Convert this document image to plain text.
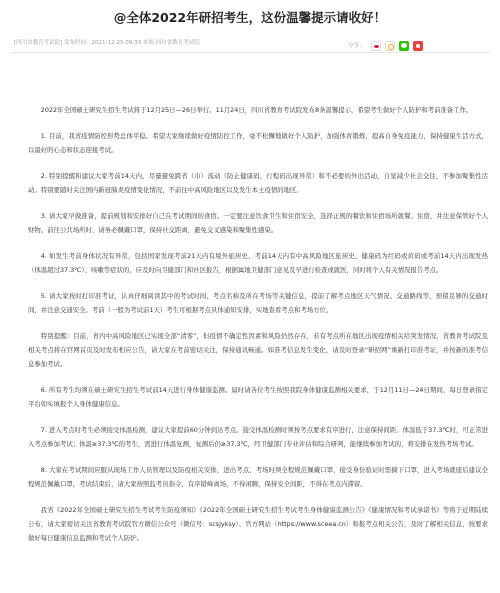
@全体2022年研招考生，这份温馨提示请收好！
[四川省教育考试院] 发布时间：2021-12-25 09:33 来源:四川省教育考试院	分享：

2022年全国硕士研究生招生考试将于12月25日—26日举行。11月24日，四川省教育考试院发布8条温馨提示，希望考生做好个人防护和考前准备工作。

1. 目前，我省疫情防控形势总体平稳。希望大家继续做好疫情防控工作，毫不松懈地做好个人防护，加强体育锻炼，提高自身免疫能力，保持健康生活方式，以最好的心态和状态迎接考试。

2. 特别提醒和建议大家考前14天内，尽量避免跨省（市）流动（防止健康码、行程码出现异常）和不必要的外出活动，自觉减少社会交往，不参加聚集性活动。特别要随时关注国内新冠肺炎疫情变化情况，不前往中高风险地区以及发生本土疫情的地区。

3. 请大家早做准备，提前规划和安排好自己在考试期间的食宿。一定要注意饮食卫生和住宿安全，选择正规的餐饮和住宿场所就餐、住宿，并注意保管好个人财物。前往公共场所时，请务必佩戴口罩，保持社交距离，避免交叉感染和聚集性感染。

4. 如发生考前身体状况有异常，包括国家发现考前21天内有境外旅居史、考前14天内有中高风险地区旅居史、健康码为红码或黄码或考前14天内出现发热（体温超过37.3℃）、咳嗽等症状的，应及时向卫健部门和社区报告，根据属地卫健部门意见及早进行检查或就医，同时将个人有关情况报告考点。

5. 请大家按时打印准考证，认真仔细阅读其中的考试时间、考点名称及所在考场等关键信息，提前了解考点地区天气情况、交通路线等，预留足够的交通时间，并注意交通安全。考前（一般为考试前1天）考生可根据考点具体通知安排，实地查看考点和考场方位。

特别提醒：目前，省内中高风险地区已实现全部“清零”，但疫情不确定性因素和风险仍然存在，若有考点所在地区出现疫情相关给突发情况，省教育考试院及相关考点将在官网首页及时发布相应公告，请大家在考前密切关注，保持通讯畅通。如准考信息发生变化，请及时登录“研招网”重新打印准考证，并按新的准考信息参加考试。

6. 所有考生均须在硕士研究生招生考试前14天进行身体健康监测。届时请各位考生按照我院身体健康监测相关要求，于12月11日—24日期间，每日登录指定平台如实填报个人身体健康信息。

7. 进入考点时考生必须接受体温检测，建议大家提前60分钟到达考点。接受体温检测时须按考点要求有序进行，注意保持间距。体温低于37.3℃时，可正常进入考点参加考试；体温≥37.3℃的考生，需进行体温复测，复测后仍≥37.3℃，经卫健部门专业评估和综合研判，能继续参加考试的，将安排在发热考场考试。

8. 大家在考试期间应服从现场工作人员管理以及防疫相关安排，进出考点、考场时须全程规范佩戴口罩，接受身份验证时需摘下口罩，进入考场就座后建议全程规范佩戴口罩，考试结束后，请大家按照监考员指令，有序错峰离场，不得闲聊，保持安全间距，不得在考点内滞留。

我省《2022年全国硕士研究生招生考试考生防疫须知》《2022年全国硕士研究生招生考试考生身体健康监测公告》《健康情况和考试承诺书》等将于近期陆续公布，请大家密切关注省教育考试院官方微信公众号（微信号：scsjyksy）、官方网站（https://www.sceea.cn）和报考点相关公告，及时了解相关信息，按要求做好每日健康信息监测和考试个人防护。
